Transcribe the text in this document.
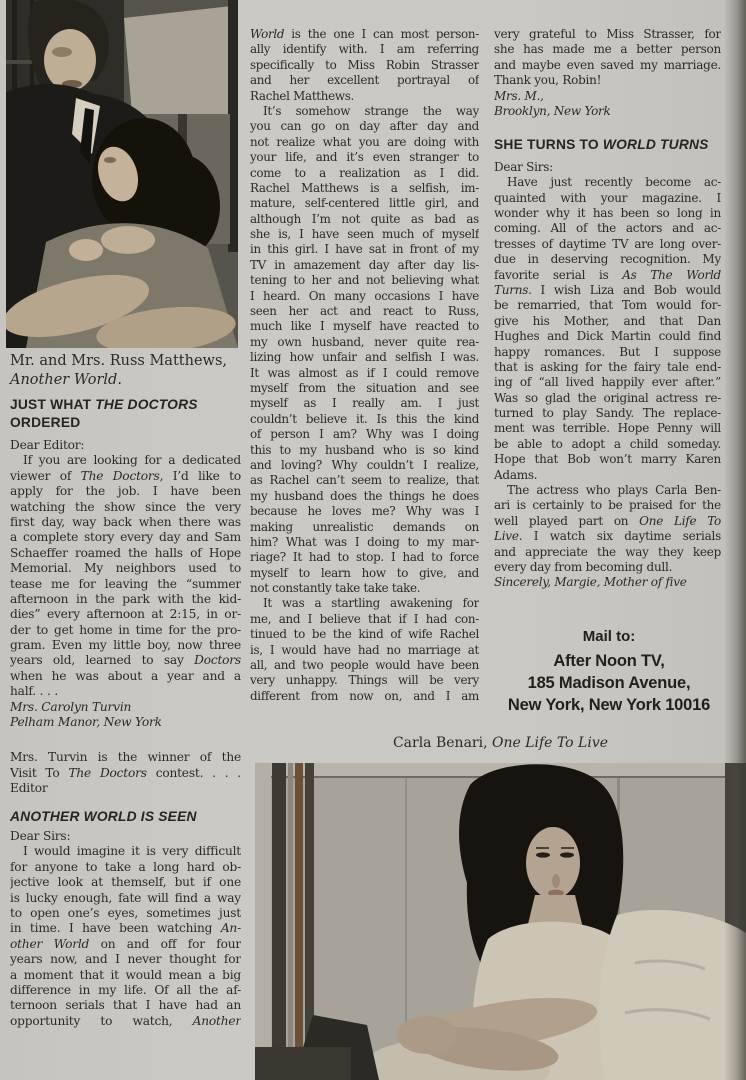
Mr. and Mrs. Russ Matthews,
Another World.
JUST WHAT THE DOCTORS
ORDERED
Dear Editor:
If you are looking for a dedicated
viewer of The Doctors, I’d like to
apply for the job. I have been
watching the show since the very
first day, way back when there was
a complete story every day and Sam
Schaeffer roamed the halls of Hope
Memorial. My neighbors used to
tease me for leaving the “summer
afternoon in the park with the kid-
dies” every afternoon at 2:15, in or-
der to get home in time for the pro-
gram. Even my little boy, now three
years old, learned to say Doctors
when he was about a year and a
half. . . .
Mrs. Carolyn Turvin
Pelham Manor, New York
Mrs. Turvin is the winner of the
Visit To The Doctors contest. . . .
Editor
ANOTHER WORLD IS SEEN
Dear Sirs:
I would imagine it is very difficult
for anyone to take a long hard ob-
jective look at themself, but if one
is lucky enough, fate will find a way
to open one’s eyes, sometimes just
in time. I have been watching An-
other World on and off for four
years now, and I never thought for
a moment that it would mean a big
difference in my life. Of all the af-
ternoon serials that I have had an
opportunity to watch, Another
World is the one I can most person-
ally identify with. I am referring
specifically to Miss Robin Strasser
and her excellent portrayal of
Rachel Matthews.
It’s somehow strange the way
you can go on day after day and
not realize what you are doing with
your life, and it’s even stranger to
come to a realization as I did.
Rachel Matthews is a selfish, im-
mature, self-centered little girl, and
although I’m not quite as bad as
she is, I have seen much of myself
in this girl. I have sat in front of my
TV in amazement day after day lis-
tening to her and not believing what
I heard. On many occasions I have
seen her act and react to Russ,
much like I myself have reacted to
my own husband, never quite rea-
lizing how unfair and selfish I was.
It was almost as if I could remove
myself from the situation and see
myself as I really am. I just
couldn’t believe it. Is this the kind
of person I am? Why was I doing
this to my husband who is so kind
and loving? Why couldn’t I realize,
as Rachel can’t seem to realize, that
my husband does the things he does
because he loves me? Why was I
making unrealistic demands on
him? What was I doing to my mar-
riage? It had to stop. I had to force
myself to learn how to give, and
not constantly take take take.
It was a startling awakening for
me, and I believe that if I had con-
tinued to be the kind of wife Rachel
is, I would have had no marriage at
all, and two people would have been
very unhappy. Things will be very
different from now on, and I am
very grateful to Miss Strasser, for
she has made me a better person
and maybe even saved my marriage.
Thank you, Robin!
Mrs. M.,
Brooklyn, New York
SHE TURNS TO WORLD TURNS
Dear Sirs:
Have just recently become ac-
quainted with your magazine. I
wonder why it has been so long in
coming. All of the actors and ac-
tresses of daytime TV are long over-
due in deserving recognition. My
favorite serial is As The World
Turns. I wish Liza and Bob would
be remarried, that Tom would for-
give his Mother, and that Dan
Hughes and Dick Martin could find
happy romances. But I suppose
that is asking for the fairy tale end-
ing of “all lived happily ever after.”
Was so glad the original actress re-
turned to play Sandy. The replace-
ment was terrible. Hope Penny will
be able to adopt a child someday.
Hope that Bob won’t marry Karen
Adams.
The actress who plays Carla Ben-
ari is certainly to be praised for the
well played part on One Life To
Live. I watch six daytime serials
and appreciate the way they keep
every day from becoming dull.
Sincerely, Margie, Mother of five
Mail to:
After Noon TV,
185 Madison Avenue,
New York, New York 10016
Carla Benari, One Life To Live
